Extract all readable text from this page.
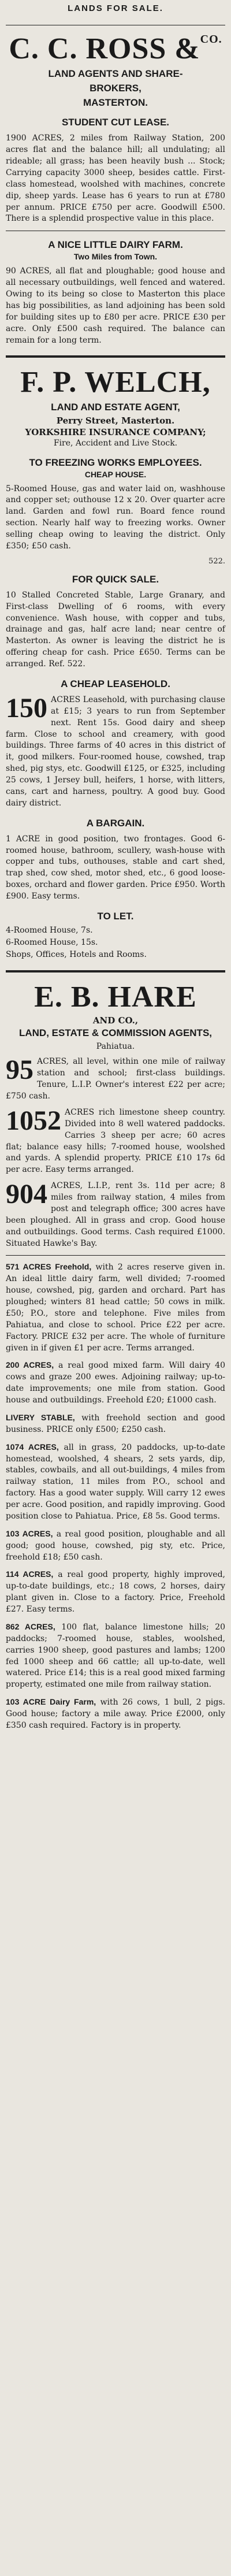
LANDS FOR SALE.
C. C. ROSS &$^{CO.}$
LAND AGENTS AND SHARE-
BROKERS,
MASTERTON.
STUDENT CUT LEASE.

1900 ACRES, 2 miles from Railway Station, 200 acres flat and the balance hill; all undulating; all rideable; all grass; has been heavily bush ... Stock; Carrying capacity 3000 sheep, besides cattle. First-class homestead, woolshed with machines, concrete dip, sheep yards. Lease has 6 years to run at £780 per annum. PRICE £750 per acre. Goodwill £500. There is a splendid prospective value in this place.

A NICE LITTLE DAIRY FARM.
Two Miles from Town.

90 ACRES, all flat and ploughable; good house and all necessary outbuildings, well fenced and watered. Owing to its being so close to Masterton this place has big possibilities, as land adjoining has been sold for building sites up to £80 per acre. PRICE £30 per acre. Only £500 cash required. The balance can remain for a long term.

F. P. WELCH,
LAND AND ESTATE AGENT,
Perry Street, Masterton.
YORKSHIRE INSURANCE COMPANY;
Fire, Accident and Live Stock.
TO FREEZING WORKS EMPLOYEES.
CHEAP HOUSE.

5-Roomed House, gas and water laid on, washhouse and copper set; outhouse 12 x 20. Over quarter acre land. Garden and fowl run. Board fence round section. Nearly half way to freezing works. Owner selling cheap owing to leaving the district. Only £350; £50 cash.

522.
FOR QUICK SALE.

10 Stalled Concreted Stable, Large Granary, and First-class Dwelling of 6 rooms, with every convenience. Wash house, with copper and tubs, drainage and gas, half acre land; near centre of Masterton. As owner is leaving the district he is offering cheap for cash. Price £650. Terms can be arranged. Ref. 522.

A CHEAP LEASEHOLD.
150 ACRES Leasehold, with purchasing clause at £15; 3 years to run from September next. Rent 15s. Good dairy and sheep farm. Close to school and creamery, with good buildings. Three farms of 40 acres in this district of it, good milkers. Four-roomed house, cowshed, trap shed, pig stys, etc. Goodwill £125, or £325, including 25 cows, 1 Jersey bull, heifers, 1 horse, with litters, cans, cart and harness, poultry. A good buy. Good dairy district.
A BARGAIN.

1 ACRE in good position, two frontages. Good 6-roomed house, bathroom, scullery, wash-house with copper and tubs, outhouses, stable and cart shed, trap shed, cow shed, motor shed, etc., 6 good loose-boxes, orchard and flower garden. Price £950. Worth £900. Easy terms.

TO LET.
4-Roomed House, 7s.
6-Roomed House, 15s.
Shops, Offices, Hotels and Rooms.
E. B. HARE
AND CO.,
LAND, ESTATE & COMMISSION AGENTS,
Pahiatua.
95 ACRES, all level, within one mile of railway station and school; first-class buildings. Tenure, L.I.P. Owner's interest £22 per acre; £750 cash.
1052 ACRES rich limestone sheep country. Divided into 8 well watered paddocks. Carries 3 sheep per acre; 60 acres flat; balance easy hills; 7-roomed house, woolshed and yards. A splendid property. PRICE £10 17s 6d per acre. Easy terms arranged.
904 ACRES, L.I.P., rent 3s. 11d per acre; 8 miles from railway station, 4 miles from post and telegraph office; 300 acres have been ploughed. All in grass and crop. Good house and outbuildings. Good terms. Cash required £1000. Situated Hawke's Bay.
571 ACRES Freehold, with 2 acres reserve given in. An ideal little dairy farm, well divided; 7-roomed house, cowshed, pig, garden and orchard. Part has ploughed; winters 81 head cattle; 50 cows in milk. £50; P.O., store and telephone. Five miles from Pahiatua, and close to school. Price £22 per acre. Factory. PRICE £32 per acre. The whole of furniture given in if given £1 per acre. Terms arranged.
200 ACRES, a real good mixed farm. Will dairy 40 cows and graze 200 ewes. Adjoining railway; up-to-date improvements; one mile from station. Good house and outbuildings. Freehold £20; £1000 cash.
LIVERY STABLE, with freehold section and good business. PRICE only £500; £250 cash.
1074 ACRES, all in grass, 20 paddocks, up-to-date homestead, woolshed, 4 shears, 2 sets yards, dip, stables, cowbails, and all out-buildings, 4 miles from railway station, 11 miles from P.O., school and factory. Has a good water supply. Will carry 12 ewes per acre. Good position, and rapidly improving. Good position close to Pahiatua. Price, £8 5s. Good terms.
103 ACRES, a real good position, ploughable and all good; good house, cowshed, pig sty, etc. Price, freehold £18; £50 cash.
114 ACRES, a real good property, highly improved, up-to-date buildings, etc.; 18 cows, 2 horses, dairy plant given in. Close to a factory. Price, Freehold £27. Easy terms.
862 ACRES, 100 flat, balance limestone hills; 20 paddocks; 7-roomed house, stables, woolshed, carries 1900 sheep, good pastures and lambs; 1200 fed 1000 sheep and 66 cattle; all up-to-date, well watered. Price £14; this is a real good mixed farming property, estimated one mile from railway station.
103 ACRE Dairy Farm, with 26 cows, 1 bull, 2 pigs. Good house; factory a mile away. Price £2000, only £350 cash required. Factory is in property.
